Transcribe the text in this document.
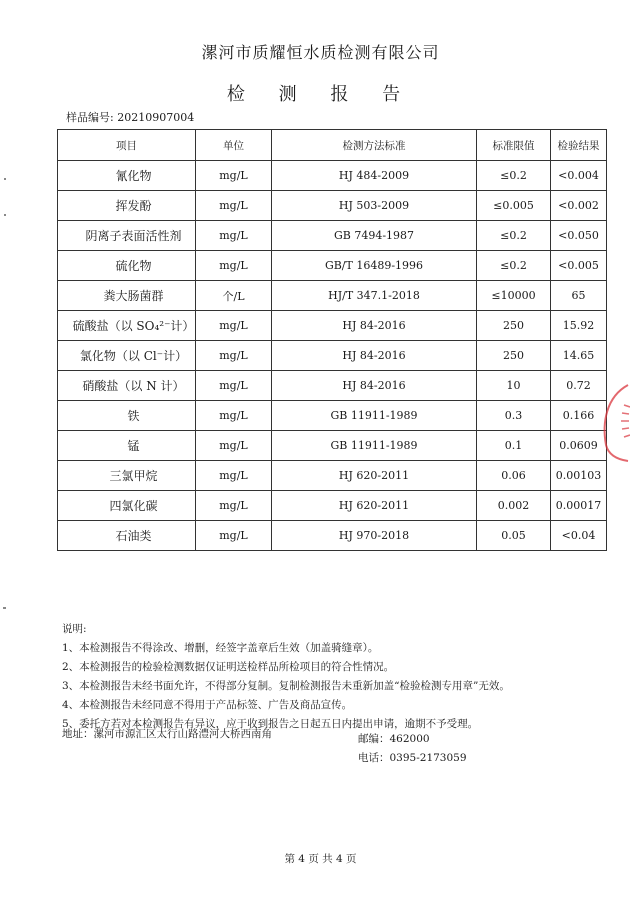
漯河市质耀恒水质检测有限公司
检 测 报 告
样品编号: 20210907004
项目	单位	检测方法标准	标准限值	检验结果
氰化物	mg/L	HJ 484-2009	≤0.2	<0.004
挥发酚	mg/L	HJ 503-2009	≤0.005	<0.002
阴离子表面活性剂	mg/L	GB 7494-1987	≤0.2	<0.050
硫化物	mg/L	GB/T 16489-1996	≤0.2	<0.005
粪大肠菌群	个/L	HJ/T 347.1-2018	≤10000	65
硫酸盐（以 SO₄²⁻计）	mg/L	HJ 84-2016	250	15.92
氯化物（以 Cl⁻计）	mg/L	HJ 84-2016	250	14.65
硝酸盐（以 N 计）	mg/L	HJ 84-2016	10	0.72
铁	mg/L	GB 11911-1989	0.3	0.166
锰	mg/L	GB 11911-1989	0.1	0.0609
三氯甲烷	mg/L	HJ 620-2011	0.06	0.00103
四氯化碳	mg/L	HJ 620-2011	0.002	0.00017
石油类	mg/L	HJ 970-2018	0.05	<0.04
说明:
1、本检测报告不得涂改、增删，经签字盖章后生效（加盖骑缝章）。
2、本检测报告的检验检测数据仅证明送检样品所检项目的符合性情况。
3、本检测报告未经书面允许，不得部分复制。复制检测报告未重新加盖“检验检测专用章”无效。
4、本检测报告未经同意不得用于产品标签、广告及商品宣传。
5、委托方若对本检测报告有异议，应于收到报告之日起五日内提出申请，逾期不予受理。
地址：漯河市源汇区太行山路澧河大桥西南角	邮编：462000
电话：0395-2173059
第 4 页 共 4 页
